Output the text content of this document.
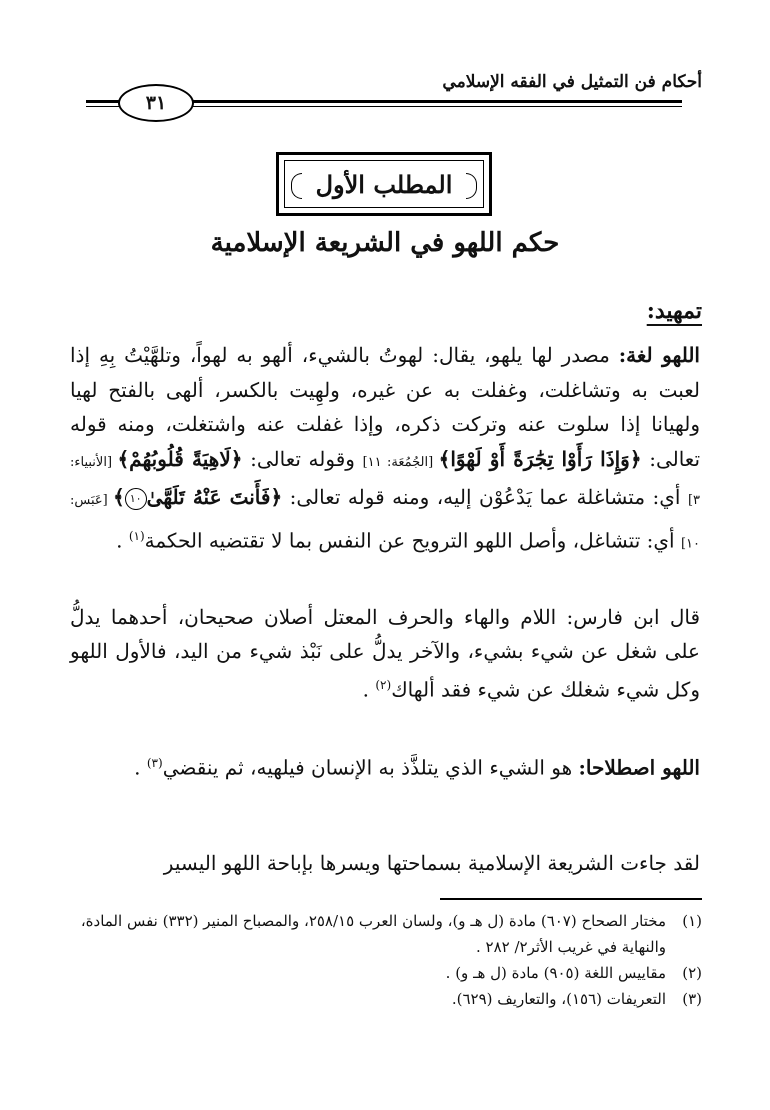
أحكام فن التمثيل في الفقه الإسلامي
٣١
المطلب الأول
حكم اللهو في الشريعة الإسلامية
تمهيد:
اللهو لغة: مصدر لها يلهو، يقال: لهوتُ بالشيء، ألهو به لهواً، وتلهَّيْتُ بِهِ إذا لعبت به وتشاغلت، وغفلت به عن غيره، ولهِيت بالكسر، ألهى بالفتح لهيا ولهيانا إذا سلوت عنه وتركت ذكره، وإذا غفلت عنه واشتغلت، ومنه قوله تعالى: ﴿وَإِذَا رَأَوْا تِجَٰرَةً أَوْ لَهْوًا﴾ [الجُمُعَة: ١١] وقوله تعالى: ﴿لَاهِيَةً قُلُوبُهُمْ﴾ [الأنبياء: ٣] أي: متشاغلة عما يَدْعُوْن إليه، ومنه قوله تعالى: ﴿فَأَنتَ عَنْهُ تَلَهَّىٰ١٠﴾ [عَبَس: ١٠] أي: تتشاغل، وأصل اللهو الترويح عن النفس بما لا تقتضيه الحكمة$^{(١)}$ .
قال ابن فارس: اللام والهاء والحرف المعتل أصلان صحيحان، أحدهما يدلُّ على شغل عن شيء بشيء، والآخر يدلُّ على نَبْذ شيء من اليد، فالأول اللهو وكل شيء شغلك عن شيء فقد ألهاك$^{(٢)}$ .
اللهو اصطلاحا: هو الشيء الذي يتلذَّذ به الإنسان فيلهيه، ثم ينقضي$^{(٣)}$ .
لقد جاءت الشريعة الإسلامية بسماحتها ويسرها بإباحة اللهو اليسير
(١)
مختار الصحاح (٦٠٧) مادة (ل هـ و)، ولسان العرب ٢٥٨/١٥، والمصباح المنير (٣٣٢) نفس المادة، والنهاية في غريب الأثر٢/ ٢٨٢ .
(٢)
مقاييس اللغة (٩٠٥) مادة (ل هـ و) .
(٣)
التعريفات (١٥٦)، والتعاريف (٦٢٩).
